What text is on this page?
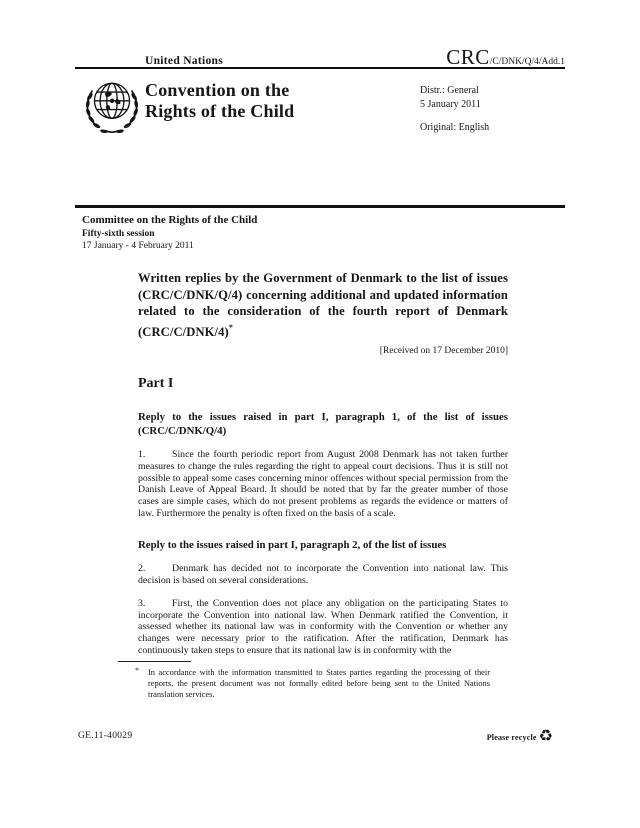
United Nations	CRC/C/DNK/Q/4/Add.1
Convention on the
Rights of the Child
Distr.: General
5 January 2011
Original: English
Committee on the Rights of the Child
Fifty-sixth session
17 January - 4 February 2011
Written replies by the Government of Denmark to the list of issues (CRC/C/DNK/Q/4) concerning additional and updated information related to the consideration of the fourth report of Denmark (CRC/C/DNK/4)*
[Received on 17 December 2010]
Part I
Reply to the issues raised in part I, paragraph 1, of the list of issues (CRC/C/DNK/Q/4)
1.	Since the fourth periodic report from August 2008 Denmark has not taken further measures to change the rules regarding the right to appeal court decisions. Thus it is still not possible to appeal some cases concerning minor offences without special permission from the Danish Leave of Appeal Board. It should be noted that by far the greater number of those cases are simple cases, which do not present problems as regards the evidence or matters of law. Furthermore the penalty is often fixed on the basis of a scale.
Reply to the issues raised in part I, paragraph 2, of the list of issues
2.	Denmark has decided not to incorporate the Convention into national law. This decision is based on several considerations.
3.	First, the Convention does not place any obligation on the participating States to incorporate the Convention into national law. When Denmark ratified the Convention, it assessed whether its national law was in conformity with the Convention or whether any changes were necessary prior to the ratification. After the ratification, Denmark has continuously taken steps to ensure that its national law is in conformity with the
* In accordance with the information transmitted to States parties regarding the processing of their reports, the present document was not formally edited before being sent to the United Nations translation services.
GE.11-40029	Please recycle ♻
